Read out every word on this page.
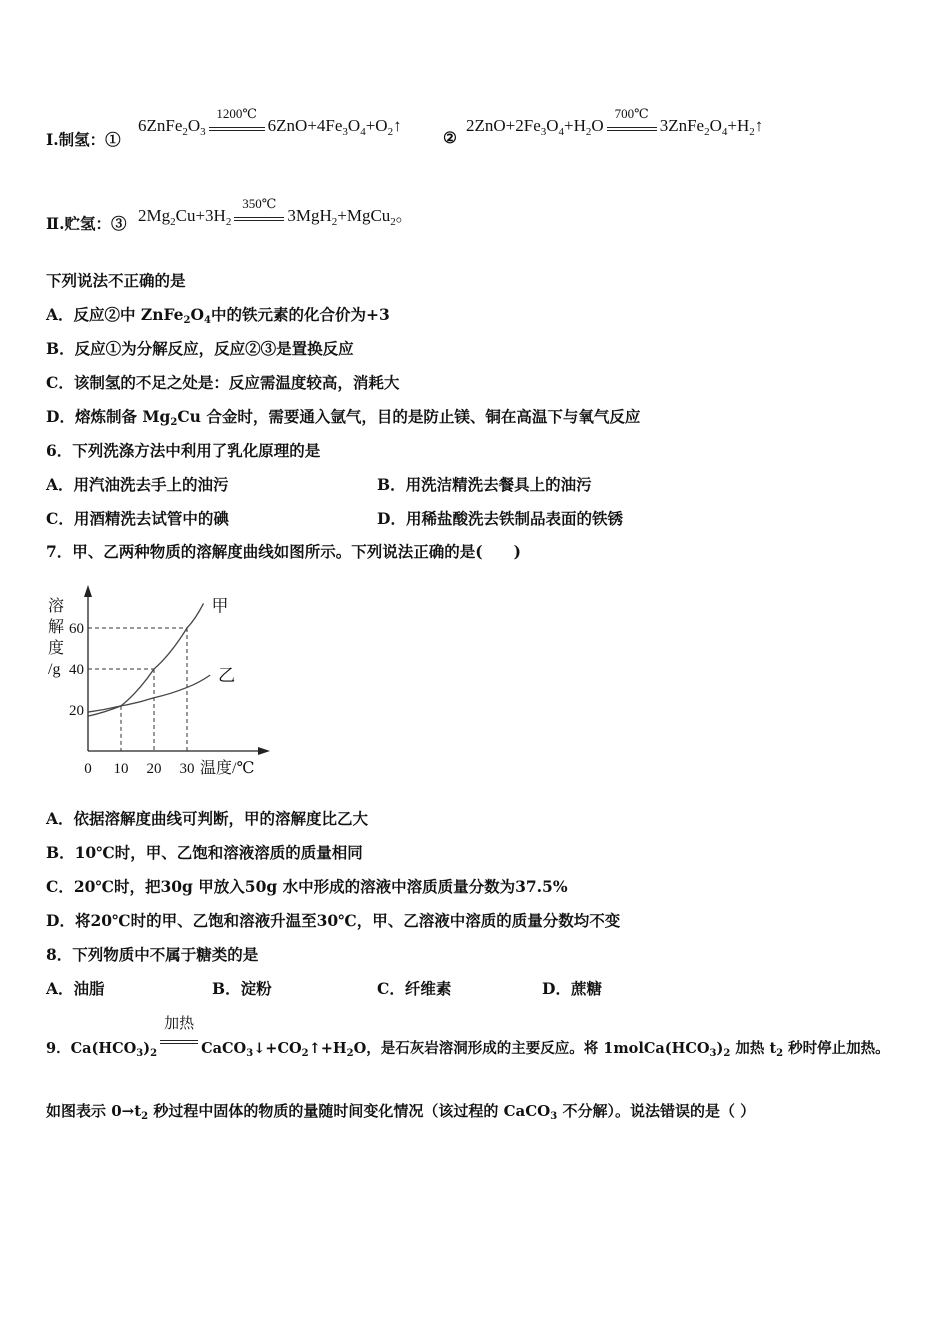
Ⅰ.制氢：①
$6ZnFe_2O_3$
1200℃
$6ZnO+4Fe_3O_4+O_2↑$
②
$2ZnO+2Fe_3O_4+H_2O$
700℃
$3ZnFe_2O_4+H_2↑$
Ⅱ.贮氢：③ $2Mg_2Cu+3H_2$
350℃
3MgH$_2$+MgCu$_2$。
下列说法不正确的是
A．反应②中 $ZnFe_2O_4$中的铁元素的化合价为+3
B．反应①为分解反应，反应②③是置换反应
C．该制氢的不足之处是：反应需温度较高，消耗大
D．熔炼制备 $Mg_2Cu$ 合金时，需要通入氩气，目的是防止镁、铜在高温下与氧气反应
6．下列洗涤方法中利用了乳化原理的是
A．用汽油洗去手上的油污	B．用洗洁精洗去餐具上的油污
C．用酒精洗去试管中的碘	D．用稀盐酸洗去铁制品表面的铁锈
7．甲、乙两种物质的溶解度曲线如图所示。下列说法正确的是(　　)
甲
乙
20
40
60
0 10 20 30
溶
解
度
/g
温度/℃
A．依据溶解度曲线可判断，甲的溶解度比乙大
B．10℃时，甲、乙饱和溶液溶质的质量相同
C．20℃时，把30g 甲放入50g 水中形成的溶液中溶质质量分数为37.5%
D．将20℃时的甲、乙饱和溶液升温至30℃，甲、乙溶液中溶质的质量分数均不变
8．下列物质中不属于糖类的是
A．油脂	B．淀粉	C．纤维素	D．蔗糖
9．$Ca(HCO_3)_2$
加热
$CaCO_3↓+CO_2↑+H_2O$，是石灰岩溶洞形成的主要反应。将 $1molCa(HCO_3)_2$ 加热 $t_2$ 秒时停止加热。
如图表示 $0\to t_2$ 秒过程中固体的物质的量随时间变化情况（该过程的 CaCO$_3$ 不分解）。说法错误的是（ ）
